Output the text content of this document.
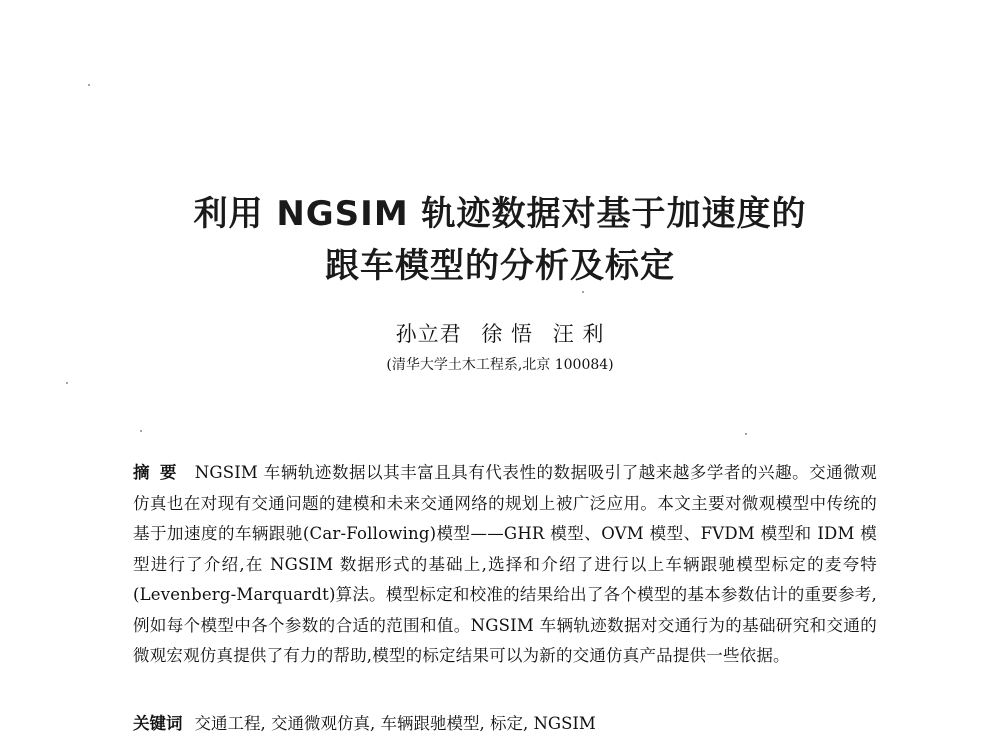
利用 NGSIM 轨迹数据对基于加速度的
跟车模型的分析及标定
孙立君 徐 悟 汪 利
(清华大学土木工程系,北京 100084)
摘要 NGSIM 车辆轨迹数据以其丰富且具有代表性的数据吸引了越来越多学者的兴趣。交通微观仿真也在对现有交通问题的建模和未来交通网络的规划上被广泛应用。本文主要对微观模型中传统的基于加速度的车辆跟驰(Car-Following)模型——GHR 模型、OVM 模型、FVDM 模型和 IDM 模型进行了介绍,在 NGSIM 数据形式的基础上,选择和介绍了进行以上车辆跟驰模型标定的麦夸特(Levenberg-Marquardt)算法。模型标定和校准的结果给出了各个模型的基本参数估计的重要参考,例如每个模型中各个参数的合适的范围和值。NGSIM 车辆轨迹数据对交通行为的基础研究和交通的微观宏观仿真提供了有力的帮助,模型的标定结果可以为新的交通仿真产品提供一些依据。
关键词 交通工程, 交通微观仿真, 车辆跟驰模型, 标定, NGSIM
